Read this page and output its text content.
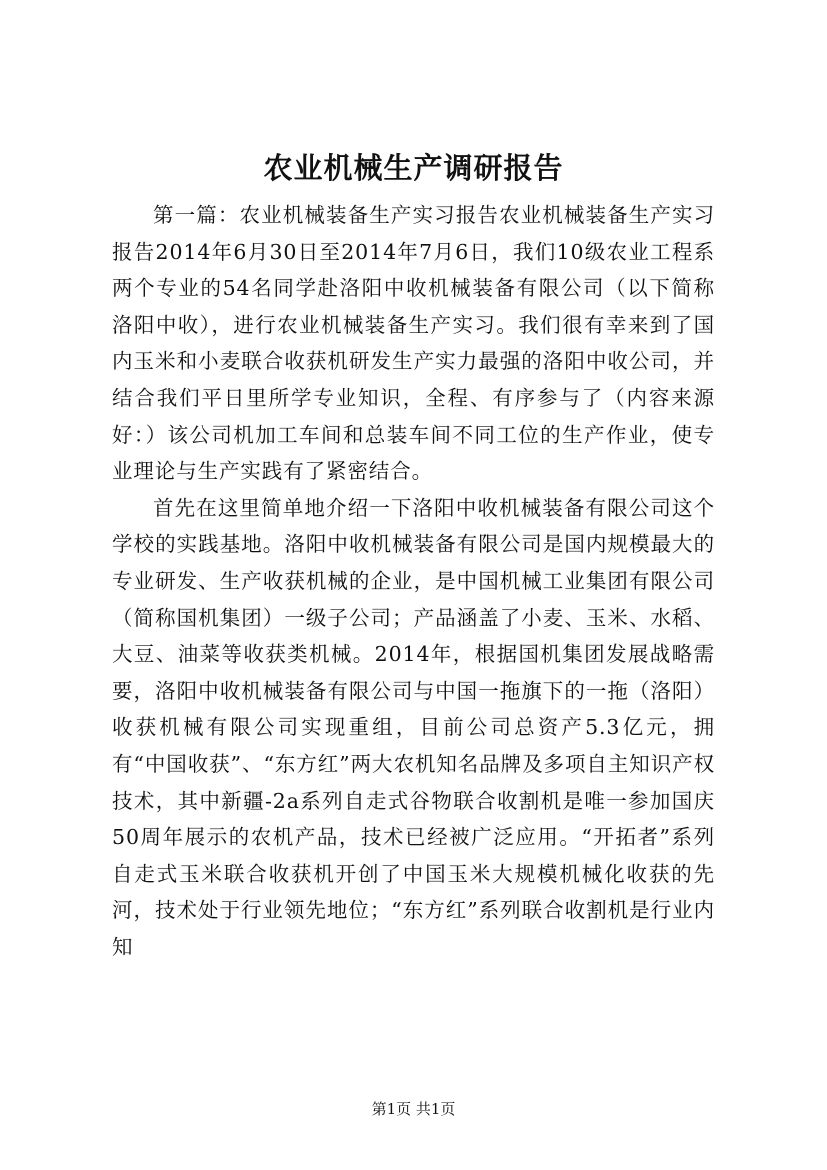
农业机械生产调研报告

第一篇：农业机械装备生产实习报告农业机械装备生产实习报告2014年6月30日至2014年7月6日，我们10级农业工程系两个专业的54名同学赴洛阳中收机械装备有限公司（以下简称洛阳中收），进行农业机械装备生产实习。我们很有幸来到了国内玉米和小麦联合收获机研发生产实力最强的洛阳中收公司，并结合我们平日里所学专业知识，全程、有序参与了（内容来源好：）该公司机加工车间和总装车间不同工位的生产作业，使专业理论与生产实践有了紧密结合。

首先在这里简单地介绍一下洛阳中收机械装备有限公司这个学校的实践基地。洛阳中收机械装备有限公司是国内规模最大的专业研发、生产收获机械的企业，是中国机械工业集团有限公司（简称国机集团）一级子公司；产品涵盖了小麦、玉米、水稻、大豆、油菜等收获类机械。2014年，根据国机集团发展战略需要，洛阳中收机械装备有限公司与中国一拖旗下的一拖（洛阳）收获机械有限公司实现重组，目前公司总资产5.3亿元，拥有“中国收获”、“东方红”两大农机知名品牌及多项自主知识产权技术，其中新疆-2a系列自走式谷物联合收割机是唯一参加国庆50周年展示的农机产品，技术已经被广泛应用。“开拓者”系列自走式玉米联合收获机开创了中国玉米大规模机械化收获的先河，技术处于行业领先地位；“东方红”系列联合收割机是行业内知

第1页 共1页
